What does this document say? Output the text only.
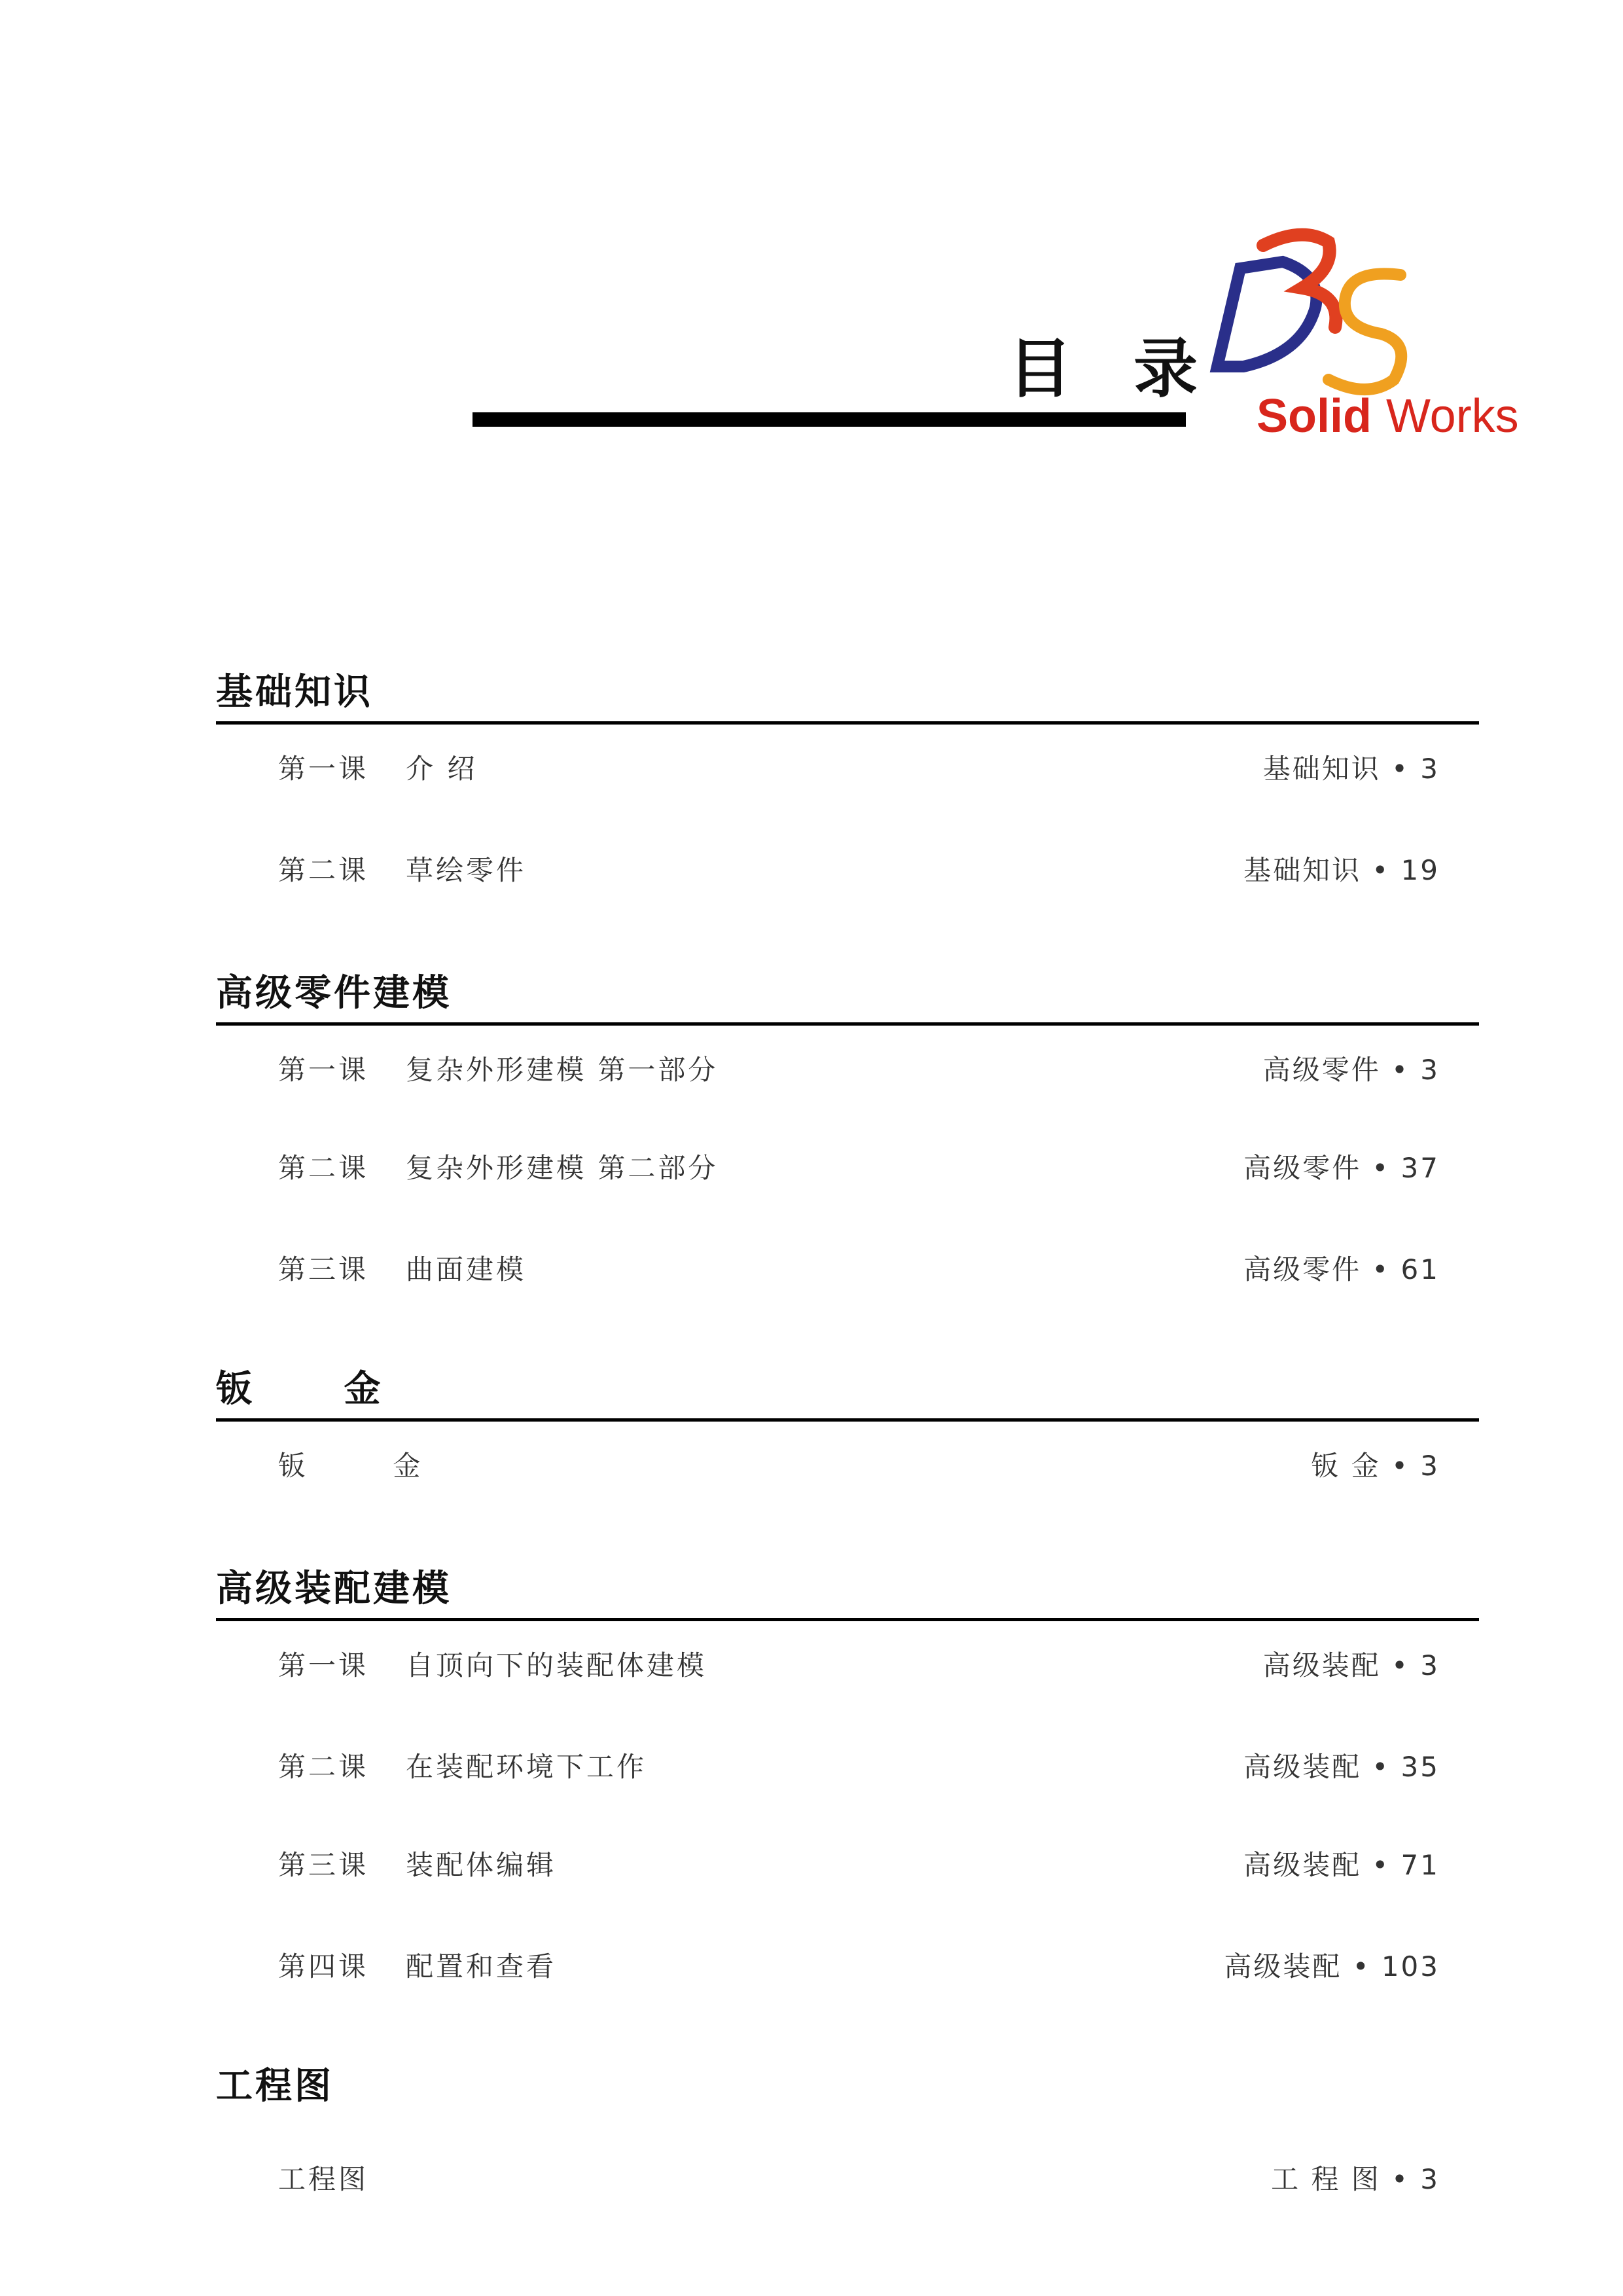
目 录
Solid Works
基础知识
第一课 介 绍	基础知识 • 3
第二课 草绘零件	基础知识 • 19
高级零件建模
第一课 复杂外形建模 第一部分	高级零件 • 3
第二课 复杂外形建模 第二部分	高级零件 • 37
第三课 曲面建模	高级零件 • 61
钣 金
钣 金	钣 金 • 3
高级装配建模
第一课 自顶向下的装配体建模	高级装配 • 3
第二课 在装配环境下工作	高级装配 • 35
第三课 装配体编辑	高级装配 • 71
第四课 配置和查看	高级装配 • 103
工程图
工程图	工 程 图 • 3
